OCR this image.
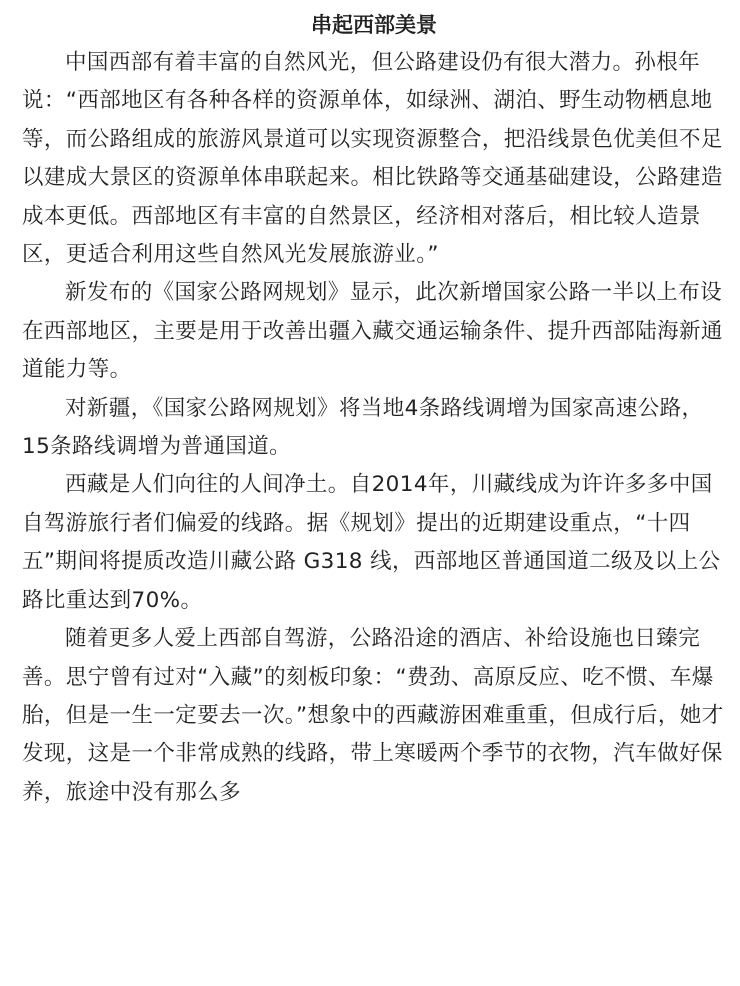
串起西部美景

中国西部有着丰富的自然风光，但公路建设仍有很大潜力。孙根年说：“西部地区有各种各样的资源单体，如绿洲、湖泊、野生动物栖息地等，而公路组成的旅游风景道可以实现资源整合，把沿线景色优美但不足以建成大景区的资源单体串联起来。相比铁路等交通基础建设，公路建造成本更低。西部地区有丰富的自然景区，经济相对落后，相比较人造景区，更适合利用这些自然风光发展旅游业。”

新发布的《国家公路网规划》显示，此次新增国家公路一半以上布设在西部地区，主要是用于改善出疆入藏交通运输条件、提升西部陆海新通道能力等。

对新疆，《国家公路网规划》将当地4条路线调增为国家高速公路，15条路线调增为普通国道。

西藏是人们向往的人间净土。自2014年，川藏线成为许许多多中国自驾游旅行者们偏爱的线路。据《规划》提出的近期建设重点，“十四五”期间将提质改造川藏公路 G318 线，西部地区普通国道二级及以上公路比重达到70%。

随着更多人爱上西部自驾游，公路沿途的酒店、补给设施也日臻完善。思宁曾有过对“入藏”的刻板印象：“费劲、高原反应、吃不惯、车爆胎，但是一生一定要去一次。”想象中的西藏游困难重重，但成行后，她才发现，这是一个非常成熟的线路，带上寒暖两个季节的衣物，汽车做好保养，旅途中没有那么多
